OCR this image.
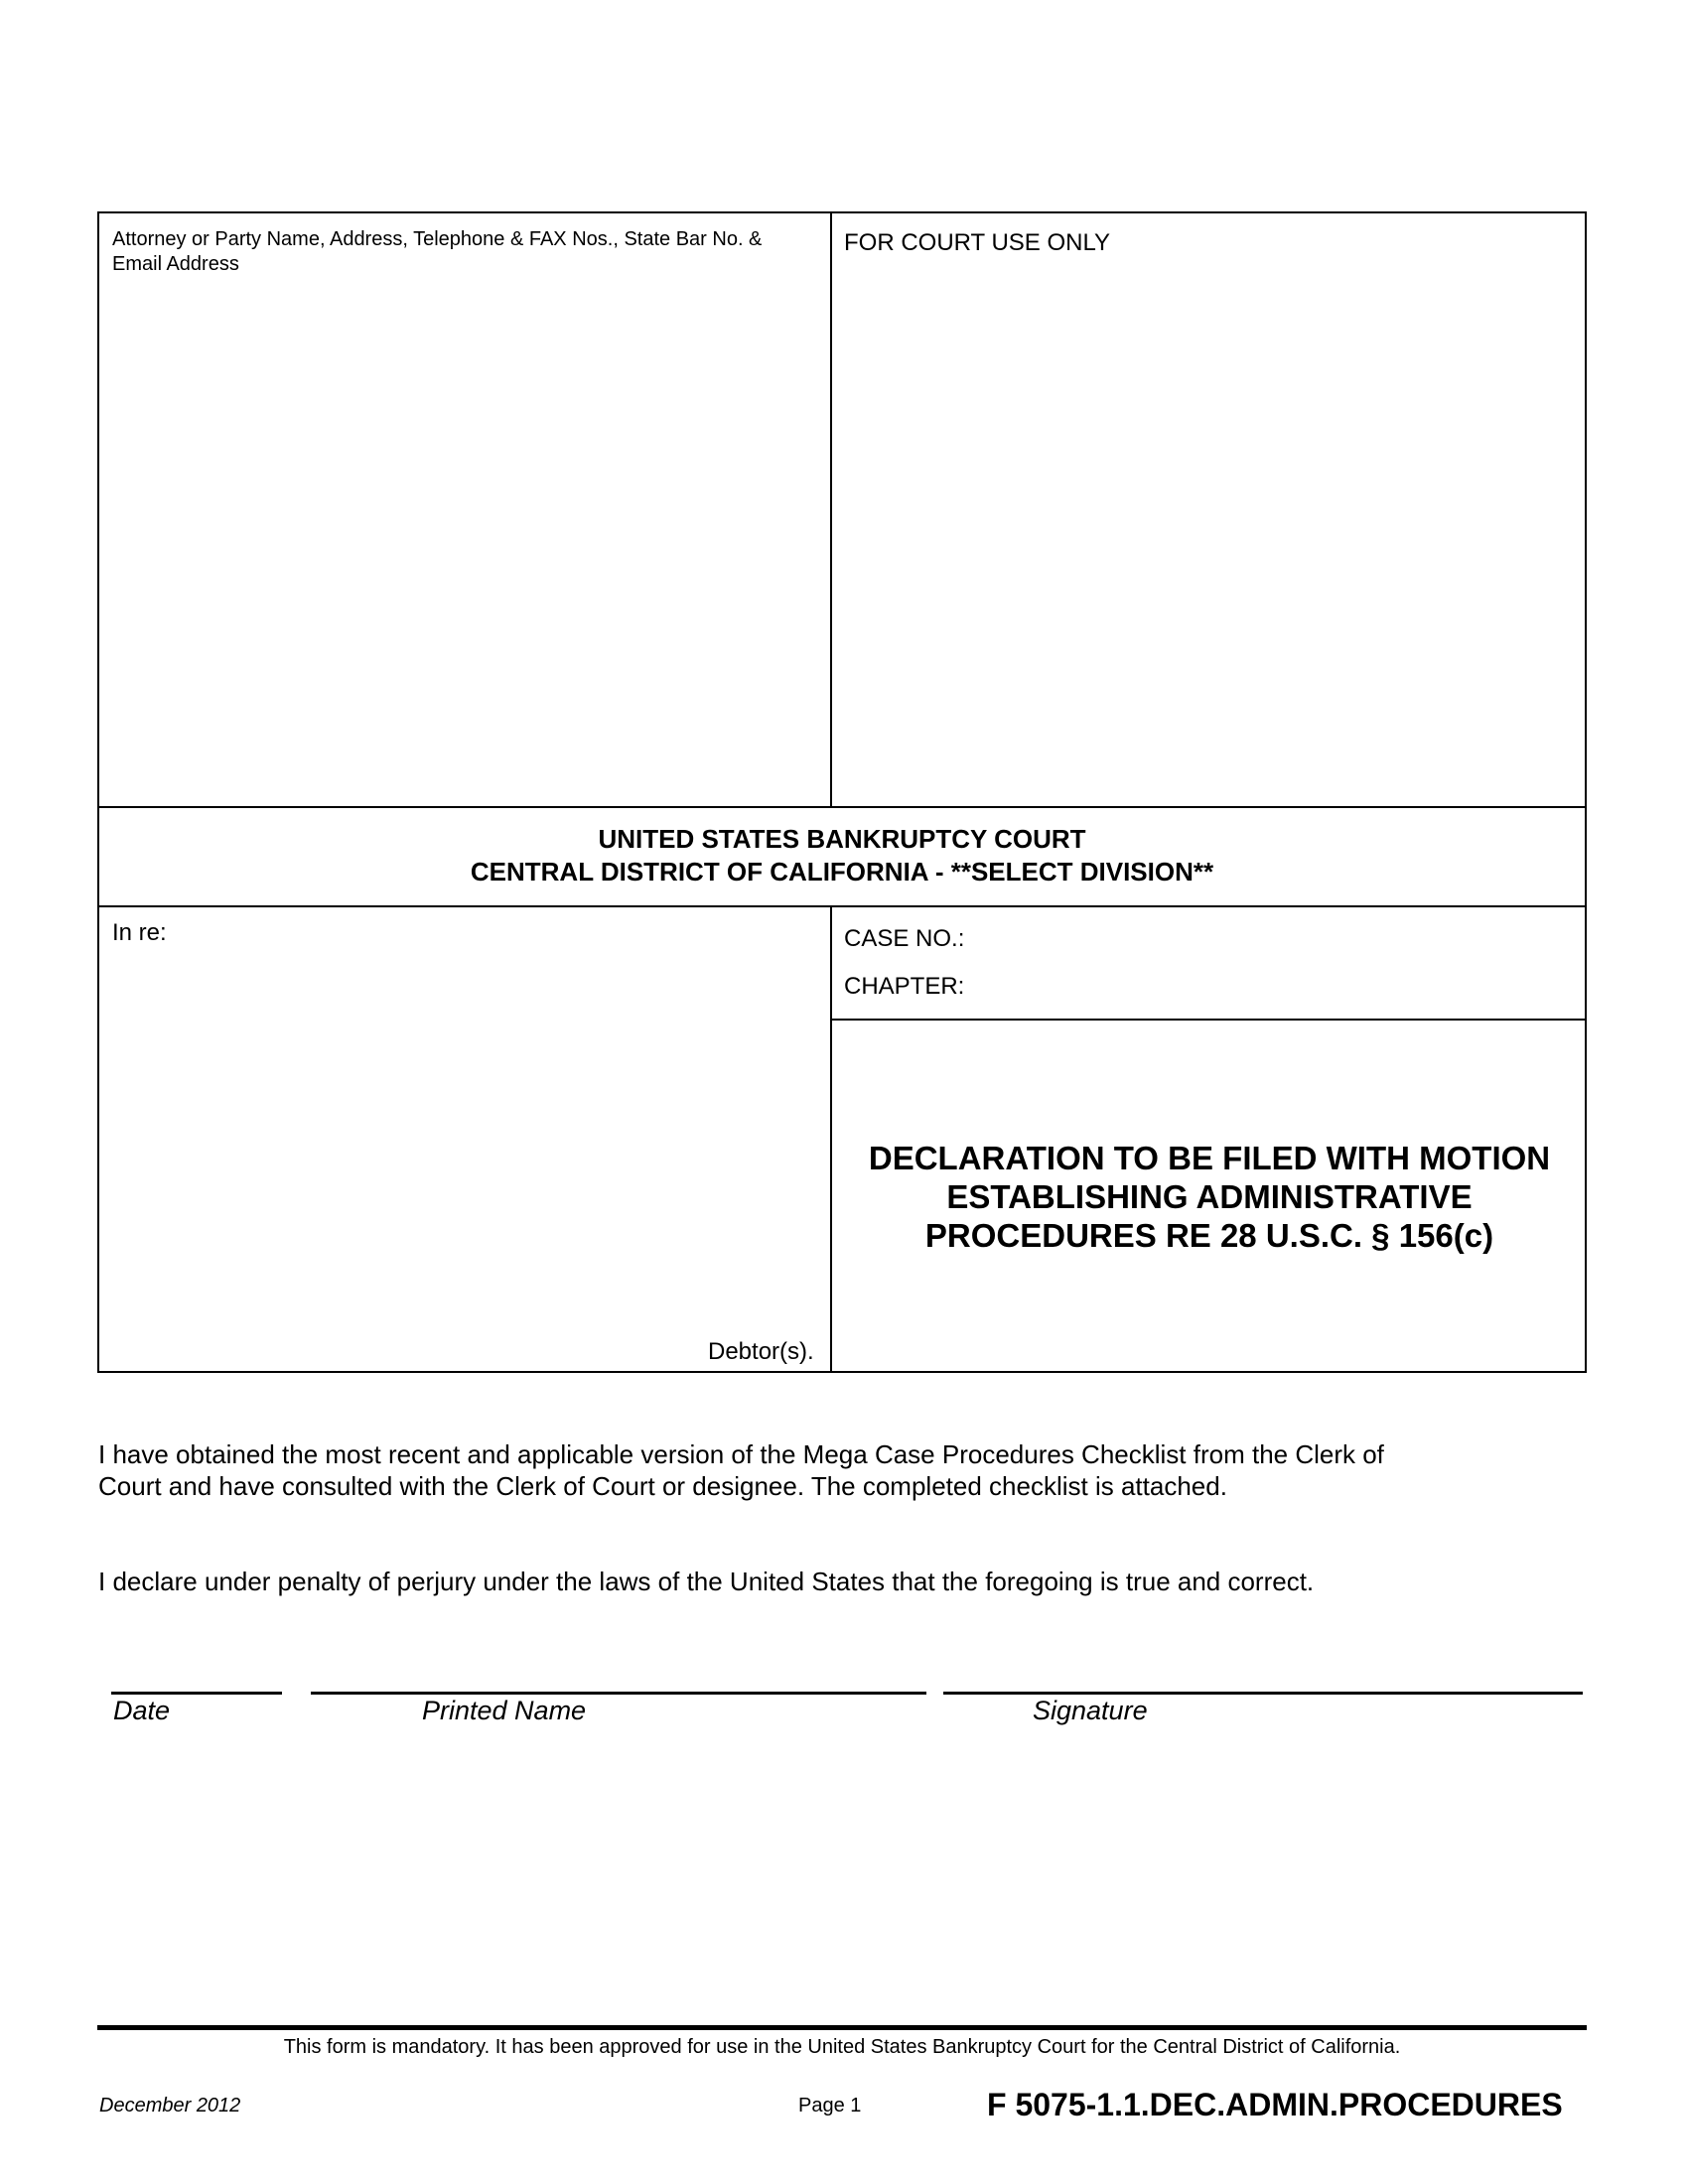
Attorney or Party Name, Address, Telephone & FAX Nos., State Bar No. &
Email Address
FOR COURT USE ONLY
UNITED STATES BANKRUPTCY COURT
CENTRAL DISTRICT OF CALIFORNIA - **SELECT DIVISION**
In re:
Debtor(s).
CASE NO.:
CHAPTER:
DECLARATION TO BE FILED WITH MOTION
ESTABLISHING ADMINISTRATIVE
PROCEDURES RE 28 U.S.C. § 156(c)
I have obtained the most recent and applicable version of the Mega Case Procedures Checklist from the Clerk of
Court and have consulted with the Clerk of Court or designee. The completed checklist is attached.
I declare under penalty of perjury under the laws of the United States that the foregoing is true and correct.
Date	Printed Name	Signature
This form is mandatory. It has been approved for use in the United States Bankruptcy Court for the Central District of California.
December 2012	Page 1	F 5075-1.1.DEC.ADMIN.PROCEDURES
